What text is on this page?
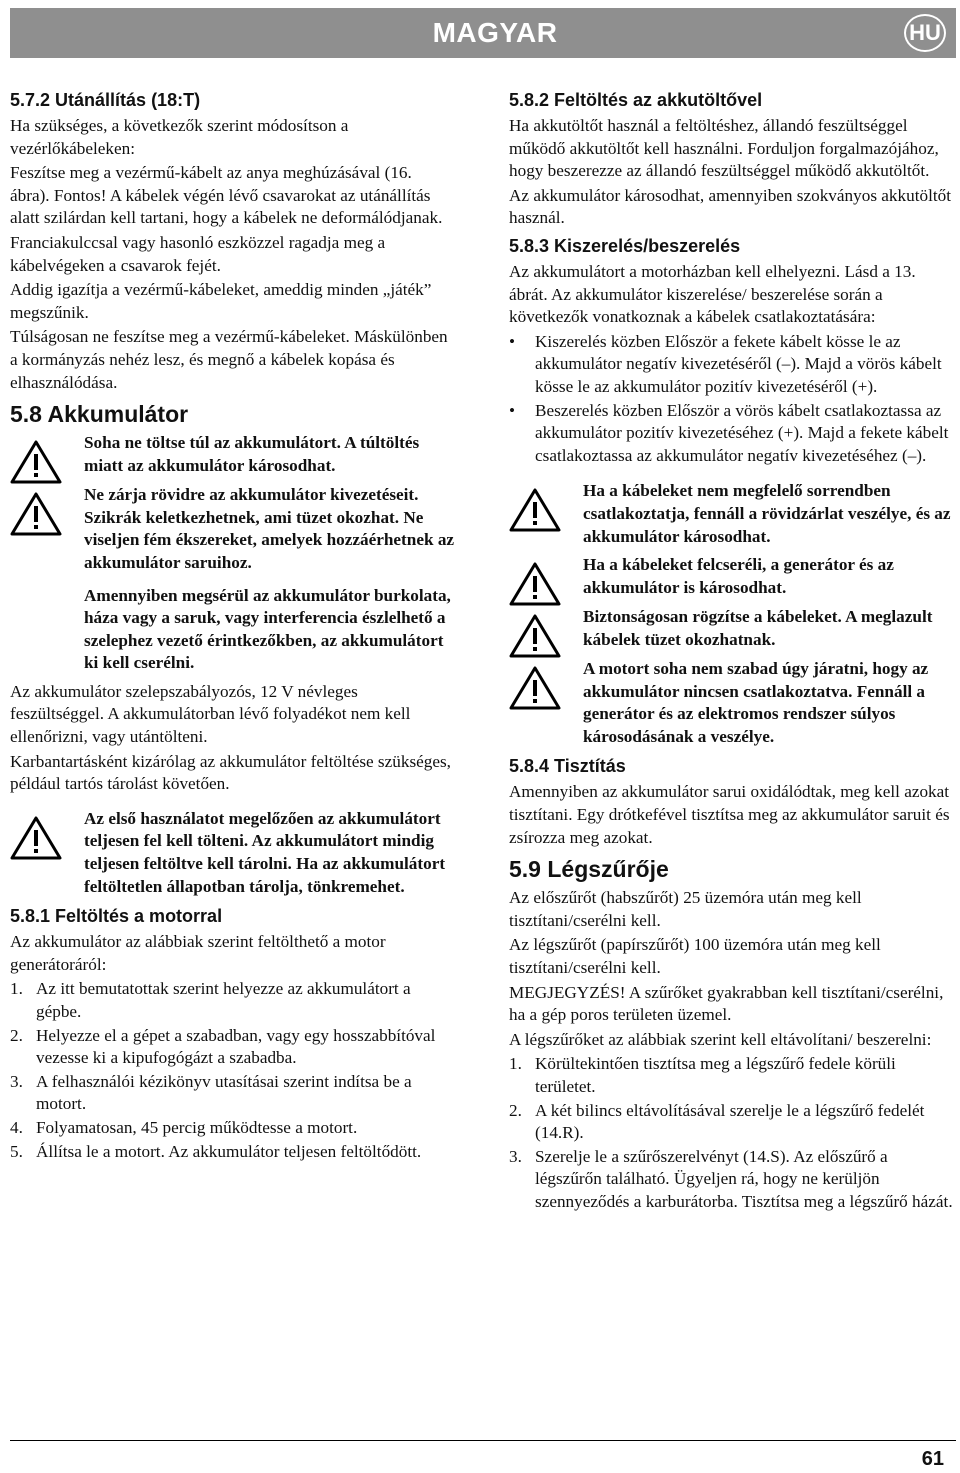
MAGYAR	HU
5.7.2 Utánállítás (18:T)

Ha szükséges, a következők szerint módosítson a vezérlőkábeleken:

Feszítse meg a vezérmű-kábelt az anya meghúzásával (16. ábra). Fontos! A kábelek végén lévő csavarokat az utánállítás alatt szilárdan kell tartani, hogy a kábelek ne deformálódjanak.

Franciakulccsal vagy hasonló eszközzel ragadja meg a kábelvégeken a csavarok fejét.

Addig igazítja a vezérmű-kábeleket, ameddig minden „játék” megszűnik.

Túlságosan ne feszítse meg a vezérmű-kábeleket. Máskülönben a kormányzás nehéz lesz, és megnő a kábelek kopása és elhasználódása.

5.8 Akkumulátor

Soha ne töltse túl az akkumulátort. A túltöltés miatt az akkumulátor károsodhat.

Ne zárja rövidre az akkumulátor kivezetéseit. Szikrák keletkezhetnek, ami tüzet okozhat. Ne viseljen fém ékszereket, amelyek hozzáérhetnek az akkumulátor saruihoz.

Amennyiben megsérül az akkumulátor burkolata, háza vagy a saruk, vagy interferencia észlelhető a szelephez vezető érintkezőkben, az akkumulátort ki kell cserélni.

Az akkumulátor szelepszabályozós, 12 V névleges feszültséggel. A akkumulátorban lévő folyadékot nem kell ellenőrizni, vagy utántölteni.

Karbantartásként kizárólag az akkumulátor feltöltése szükséges, például tartós tárolást követően.

Az első használatot megelőzően az akkumulátort teljesen fel kell tölteni. Az akkumulátort mindig teljesen feltöltve kell tárolni. Ha az akkumulátort feltöltetlen állapotban tárolja, tönkremehet.

5.8.1 Feltöltés a motorral

Az akkumulátor az alábbiak szerint feltölthető a motor generátoráról:

1. Az itt bemutatottak szerint helyezze az akkumulátort a gépbe.
2. Helyezze el a gépet a szabadban, vagy egy hosszabbítóval vezesse ki a kipufogógázt a szabadba.
3. A felhasználói kézikönyv utasításai szerint indítsa be a motort.
4. Folyamatosan, 45 percig működtesse a motort.
5. Állítsa le a motort. Az akkumulátor teljesen feltöltődött.
5.8.2 Feltöltés az akkutöltővel

Ha akkutöltőt használ a feltöltéshez, állandó feszültséggel működő akkutöltőt kell használni. Forduljon forgalmazójához, hogy beszerezze az állandó feszültséggel működő akkutöltőt.

Az akkumulátor károsodhat, amennyiben szokványos akkutöltőt használ.

5.8.3 Kiszerelés/beszerelés

Az akkumulátort a motorházban kell elhelyezni. Lásd a 13. ábrát. Az akkumulátor kiszerelése/ beszerelése során a következők vonatkoznak a kábelek csatlakoztatására:

• Kiszerelés közben Először a fekete kábelt kösse le az akkumulátor negatív kivezetéséről (–). Majd a vörös kábelt kösse le az akkumulátor pozitív kivezetéséről (+).
• Beszerelés közben Először a vörös kábelt csatlakoztassa az akkumulátor pozitív kivezetéséhez (+). Majd a fekete kábelt csatlakoztassa az akkumulátor negatív kivezetéséhez (–).

Ha a kábeleket nem megfelelő sorrendben csatlakoztatja, fennáll a rövidzárlat veszélye, és az akkumulátor károsodhat.

Ha a kábeleket felcseréli, a generátor és az akkumulátor is károsodhat.

Biztonságosan rögzítse a kábeleket. A meglazult kábelek tüzet okozhatnak.

A motort soha nem szabad úgy járatni, hogy az akkumulátor nincsen csatlakoztatva. Fennáll a generátor és az elektromos rendszer súlyos károsodásának a veszélye.

5.8.4 Tisztítás

Amennyiben az akkumulátor sarui oxidálódtak, meg kell azokat tisztítani. Egy drótkefével tisztítsa meg az akkumulátor saruit és zsírozza meg azokat.

5.9 Légszűrője

Az előszűrőt (habszűrőt) 25 üzemóra után meg kell tisztítani/cserélni kell.

Az légszűrőt (papírszűrőt) 100 üzemóra után meg kell tisztítani/cserélni kell.

MEGJEGYZÉS! A szűrőket gyakrabban kell tisztítani/cserélni, ha a gép poros területen üzemel.

A légszűrőket az alábbiak szerint kell eltávolítani/ beszerelni:

1. Körültekintően tisztítsa meg a légszűrő fedele körüli területet.
2. A két bilincs eltávolításával szerelje le a légszűrő fedelét (14.R).
3. Szerelje le a szűrőszerelvényt (14.S). Az előszűrő a légszűrőn található. Ügyeljen rá, hogy ne kerüljön szennyeződés a karburátorba. Tisztítsa meg a légszűrő házát.
61
